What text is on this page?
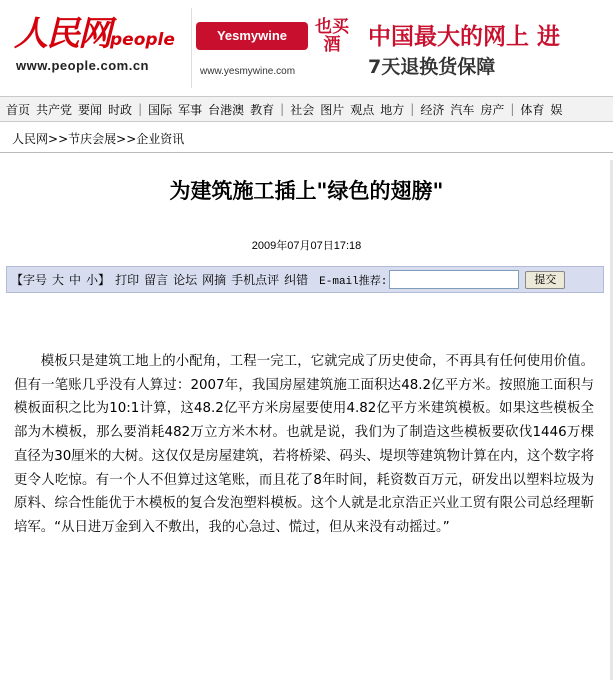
人民网 people
www.people.com.cn
Yesmywine	也买酒
www.yesmywine.com
中国最大的网上 进
7天退换货保障
首页 共产党 要闻 时政 | 国际 军事 台港澳 教育 | 社会 图片 观点 地方 | 经济 汽车 房产 | 体育 娱
人民网>>节庆会展>>企业资讯
为建筑施工插上"绿色的翅膀"
2009年07月07日17:18
【字号 大 中 小】 打印 留言 论坛 网摘 手机点评 纠错 E-mail推荐:	提交

模板只是建筑工地上的小配角，工程一完工，它就完成了历史使命，不再具有任何使用价值。但有一笔账几乎没有人算过：2007年，我国房屋建筑施工面积达48.2亿平方米。按照施工面积与模板面积之比为10:1计算，这48.2亿平方米房屋要使用4.82亿平方米建筑模板。如果这些模板全部为木模板，那么要消耗482万立方米木材。也就是说，我们为了制造这些模板要砍伐1446万棵直径为30厘米的大树。这仅仅是房屋建筑，若将桥梁、码头、堤坝等建筑物计算在内，这个数字将更令人吃惊。有一个人不但算过这笔账，而且花了8年时间，耗资数百万元，研发出以塑料垃圾为原料、综合性能优于木模板的复合发泡塑料模板。这个人就是北京浩正兴业工贸有限公司总经理靳培军。“从日进万金到入不敷出，我的心急过、慌过，但从来没有动摇过。”
